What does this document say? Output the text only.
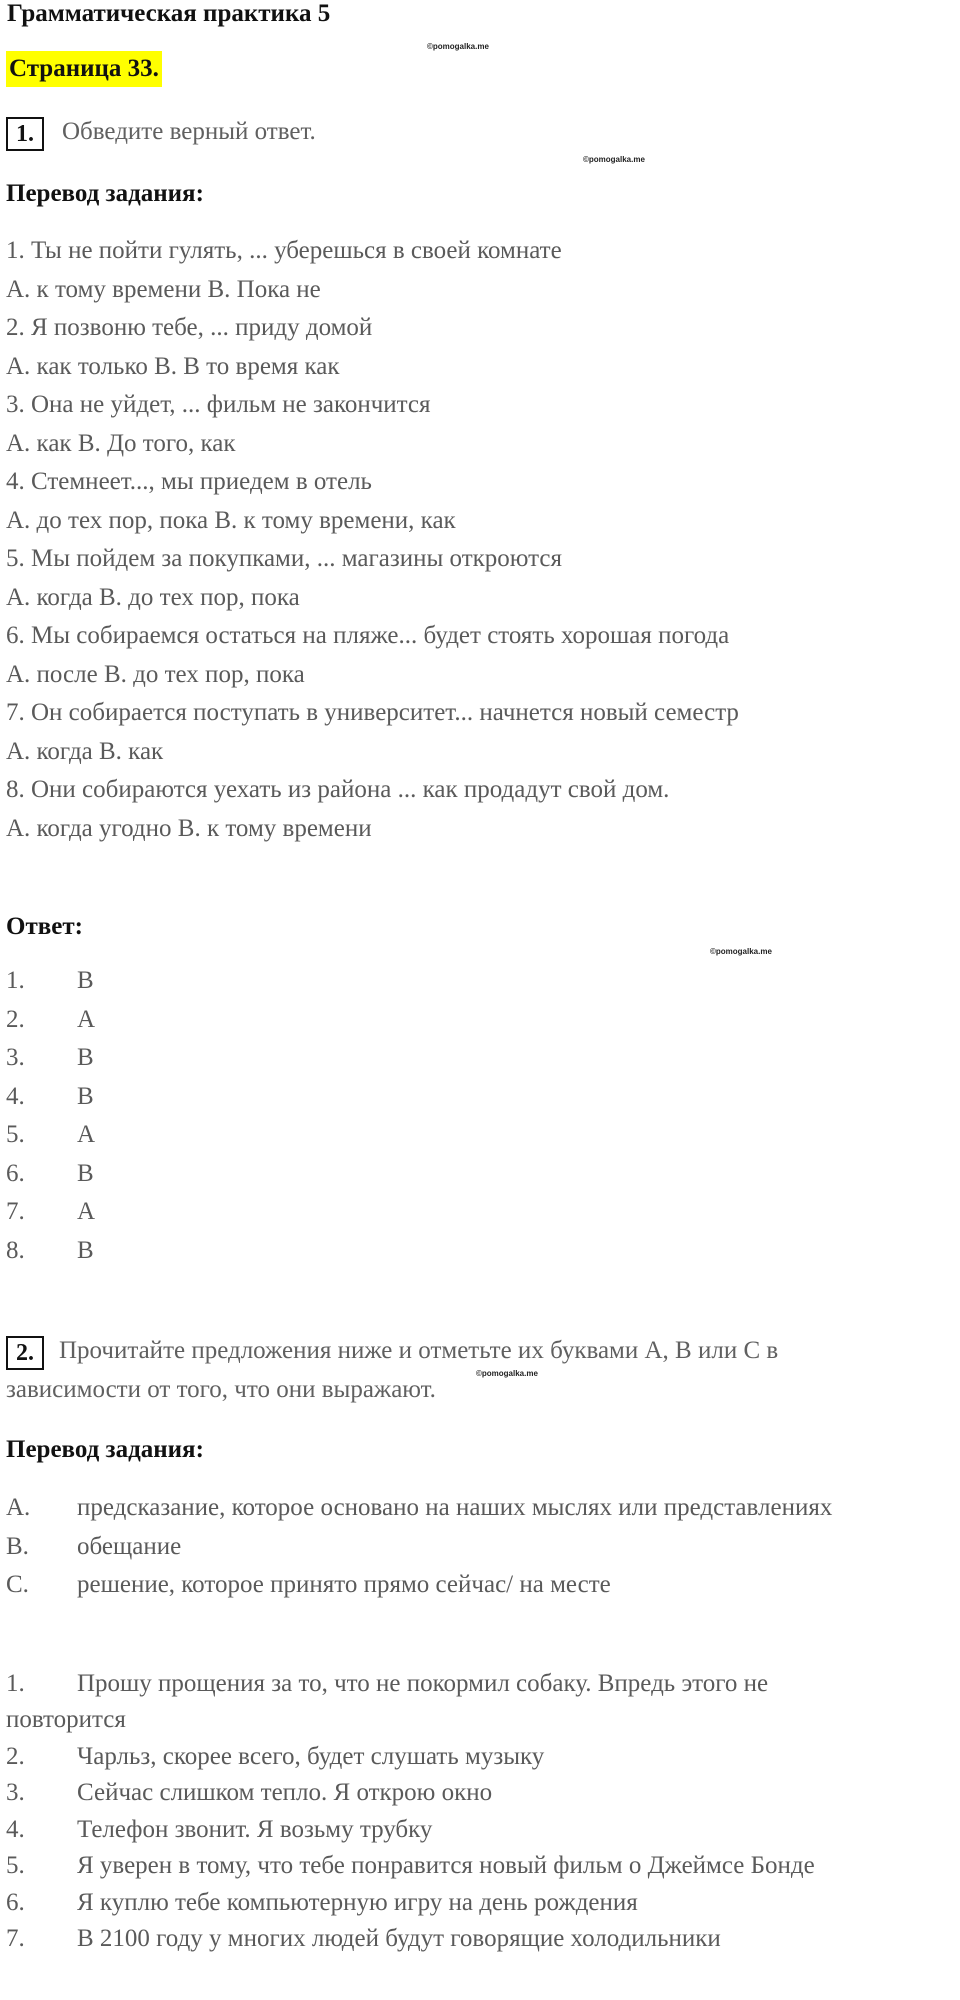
Грамматическая практика 5
©pomogalka.me
Страница 33.
1.	Обведите верный ответ.
©pomogalka.me
Перевод задания:
1. Ты не пойти гулять, ... уберешься в своей комнате
A. к тому времени B. Пока не
2. Я позвоню тебе, ... приду домой
A. как только B. В то время как
3. Она не уйдет, ... фильм не закончится
A. как B. До того, как
4. Стемнеет..., мы приедем в отель
A. до тех пор, пока B. к тому времени, как
5. Мы пойдем за покупками, ... магазины откроются
A. когда B. до тех пор, пока
6. Мы собираемся остаться на пляже... будет стоять хорошая погода
A. после B. до тех пор, пока
7. Он собирается поступать в университет... начнется новый семестр
A. когда B. как
8. Они собираются уехать из района ... как продадут свой дом.
A. когда угодно B. к тому времени
Ответ:
©pomogalka.me
1. B
2. A
3. B
4. B
5. A
6. B
7. A
8. B
2.	Прочитайте предложения ниже и отметьте их буквами A, B или C в
©pomogalka.me
зависимости от того, что они выражают.
Перевод задания:
A. предсказание, которое основано на наших мыслях или представлениях
B. обещание
C. решение, которое принято прямо сейчас/ на месте
1. Прошу прощения за то, что не покормил собаку. Впредь этого не
повторится
2. Чарльз, скорее всего, будет слушать музыку
3. Сейчас слишком тепло. Я открою окно
4. Телефон звонит. Я возьму трубку
5. Я уверен в тому, что тебе понравится новый фильм о Джеймсе Бонде
6. Я куплю тебе компьютерную игру на день рождения
7. В 2100 году у многих людей будут говорящие холодильники
